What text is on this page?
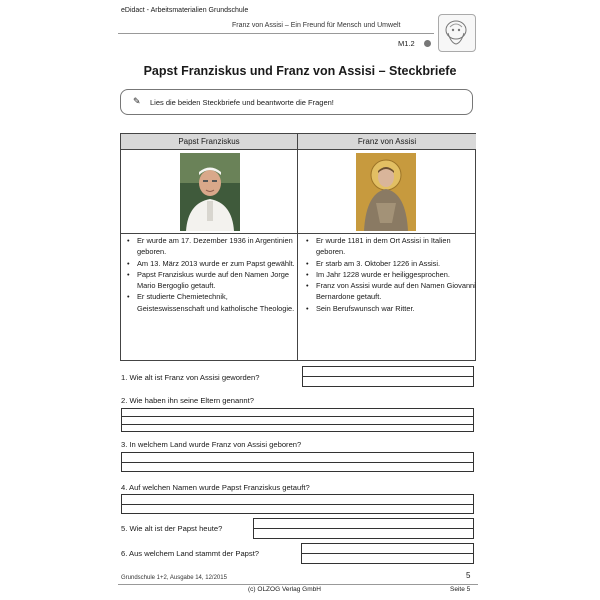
eDidact - Arbeitsmaterialien Grundschule
Franz von Assisi – Ein Freund für Mensch und Umwelt
M1.2
Papst Franziskus und Franz von Assisi – Steckbriefe
✎ Lies die beiden Steckbriefe und beantworte die Fragen!
Papst Franziskus	Franz von Assisi
• Er wurde am 17. Dezember 1936 in Argentinien geboren.
• Am 13. März 2013 wurde er zum Papst gewählt.
• Papst Franziskus wurde auf den Namen Jorge Mario Bergoglio getauft.
• Er studierte Chemietechnik, Geisteswissenschaft und katholische Theologie.
• Er wurde 1181 in dem Ort Assisi in Italien geboren.
• Er starb am 3. Oktober 1226 in Assisi.
• Im Jahr 1228 wurde er heiliggesprochen.
• Franz von Assisi wurde auf den Namen Giovanni Bernardone getauft.
• Sein Berufswunsch war Ritter.
1. Wie alt ist Franz von Assisi geworden?
2. Wie haben ihn seine Eltern genannt?
3. In welchem Land wurde Franz von Assisi geboren?
4. Auf welchen Namen wurde Papst Franziskus getauft?
5. Wie alt ist der Papst heute?
6. Aus welchem Land stammt der Papst?
5
Grundschule 1+2, Ausgabe 14, 12/2015
(c) OLZOG Verlag GmbH	Seite 5
